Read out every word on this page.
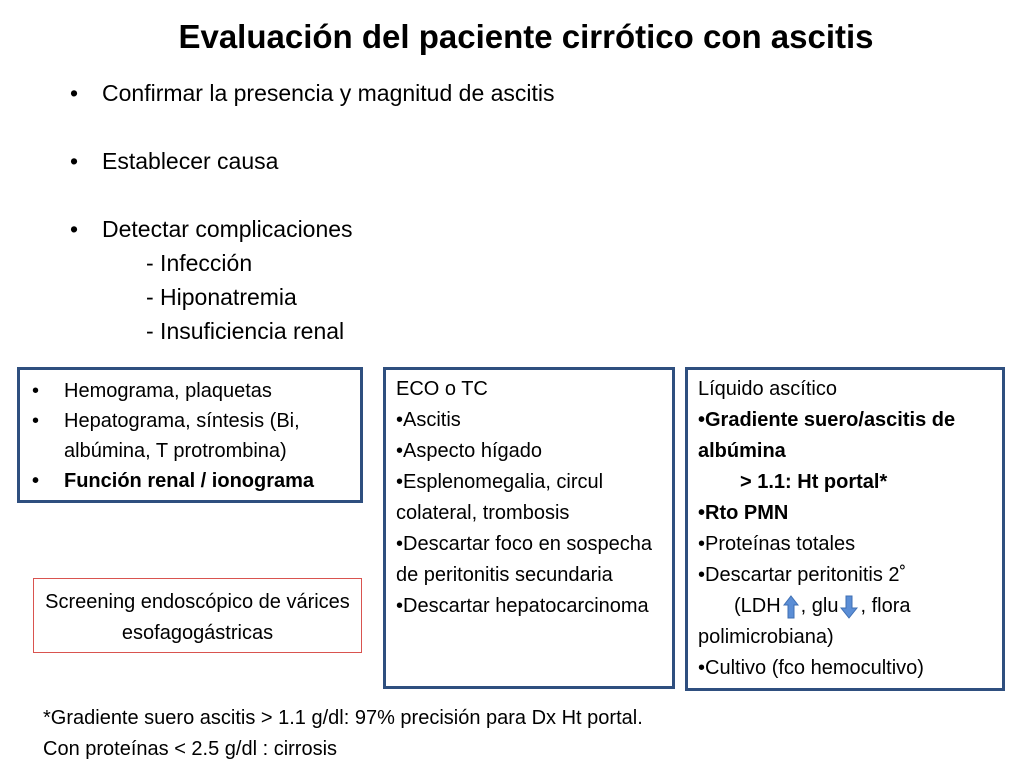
Evaluación del paciente cirrótico con ascitis
• Confirmar la presencia y magnitud de ascitis
• Establecer causa
• Detectar complicaciones
- Infección
- Hiponatremia
- Insuficiencia renal
• Hemograma, plaquetas
• Hepatograma, síntesis (Bi, albúmina, T protrombina)
• Función renal / ionograma
Screening endoscópico de várices esofagogástricas
ECO o TC
•Ascitis
•Aspecto hígado
•Esplenomegalia, circul colateral, trombosis
•Descartar foco en sospecha de peritonitis secundaria
•Descartar hepatocarcinoma
Líquido ascítico
•Gradiente suero/ascitis de albúmina
> 1.1: Ht portal*
•Rto PMN
•Proteínas totales
•Descartar peritonitis 2˚
(LDH , glu , flora polimicrobiana)
•Cultivo (fco hemocultivo)
*Gradiente suero ascitis > 1.1 g/dl: 97% precisión para Dx Ht portal.
Con proteínas < 2.5 g/dl : cirrosis
